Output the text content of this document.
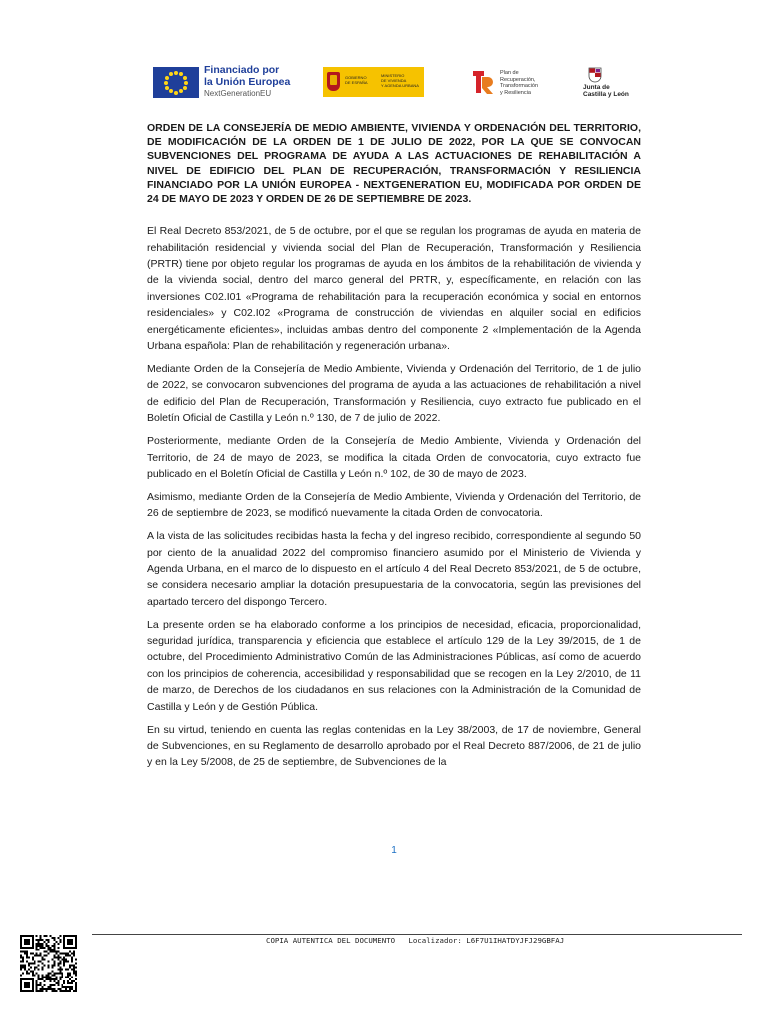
Financiado por
la Unión Europea
NextGenerationEU
GOBIERNO
DE ESPAÑA
MINISTERIO
DE VIVIENDA
Y AGENDA URBANA
Plan de
Recuperación,
Transformación
y Resiliencia
Junta de
Castilla y León

ORDEN DE LA CONSEJERÍA DE MEDIO AMBIENTE, VIVIENDA Y ORDENACIÓN DEL TERRITORIO, DE MODIFICACIÓN DE LA ORDEN DE 1 DE JULIO DE 2022, POR LA QUE SE CONVOCAN SUBVENCIONES DEL PROGRAMA DE AYUDA A LAS ACTUACIONES DE REHABILITACIÓN A NIVEL DE EDIFICIO DEL PLAN DE RECUPERACIÓN, TRANSFORMACIÓN Y RESILIENCIA FINANCIADO POR LA UNIÓN EUROPEA - NEXTGENERATION EU, MODIFICADA POR ORDEN DE 24 DE MAYO DE 2023 Y ORDEN DE 26 DE SEPTIEMBRE DE 2023.

El Real Decreto 853/2021, de 5 de octubre, por el que se regulan los programas de ayuda en materia de rehabilitación residencial y vivienda social del Plan de Recuperación, Transformación y Resiliencia (PRTR) tiene por objeto regular los programas de ayuda en los ámbitos de la rehabilitación de vivienda y de la vivienda social, dentro del marco general del PRTR, y, específicamente, en relación con las inversiones C02.I01 «Programa de rehabilitación para la recuperación económica y social en entornos residenciales» y C02.I02 «Programa de construcción de viviendas en alquiler social en edificios energéticamente eficientes», incluidas ambas dentro del componente 2 «Implementación de la Agenda Urbana española: Plan de rehabilitación y regeneración urbana».

Mediante Orden de la Consejería de Medio Ambiente, Vivienda y Ordenación del Territorio, de 1 de julio de 2022, se convocaron subvenciones del programa de ayuda a las actuaciones de rehabilitación a nivel de edificio del Plan de Recuperación, Transformación y Resiliencia, cuyo extracto fue publicado en el Boletín Oficial de Castilla y León n.º 130, de 7 de julio de 2022.

Posteriormente, mediante Orden de la Consejería de Medio Ambiente, Vivienda y Ordenación del Territorio, de 24 de mayo de 2023, se modifica la citada Orden de convocatoria, cuyo extracto fue publicado en el Boletín Oficial de Castilla y León n.º 102, de 30 de mayo de 2023.

Asimismo, mediante Orden de la Consejería de Medio Ambiente, Vivienda y Ordenación del Territorio, de 26 de septiembre de 2023, se modificó nuevamente la citada Orden de convocatoria.

A la vista de las solicitudes recibidas hasta la fecha y del ingreso recibido, correspondiente al segundo 50 por ciento de la anualidad 2022 del compromiso financiero asumido por el Ministerio de Vivienda y Agenda Urbana, en el marco de lo dispuesto en el artículo 4 del Real Decreto 853/2021, de 5 de octubre, se considera necesario ampliar la dotación presupuestaria de la convocatoria, según las previsiones del apartado tercero del dispongo Tercero.

La presente orden se ha elaborado conforme a los principios de necesidad, eficacia, proporcionalidad, seguridad jurídica, transparencia y eficiencia que establece el artículo 129 de la Ley 39/2015, de 1 de octubre, del Procedimiento Administrativo Común de las Administraciones Públicas, así como de acuerdo con los principios de coherencia, accesibilidad y responsabilidad que se recogen en la Ley 2/2010, de 11 de marzo, de Derechos de los ciudadanos en sus relaciones con la Administración de la Comunidad de Castilla y León y de Gestión Pública.

En su virtud, teniendo en cuenta las reglas contenidas en la Ley 38/2003, de 17 de noviembre, General de Subvenciones, en su Reglamento de desarrollo aprobado por el Real Decreto 887/2006, de 21 de julio y en la Ley 5/2008, de 25 de septiembre, de Subvenciones de la

1
COPIA AUTENTICA DEL DOCUMENTO Localizador: L6F7U1IHATDYJFJ29GBFAJ
